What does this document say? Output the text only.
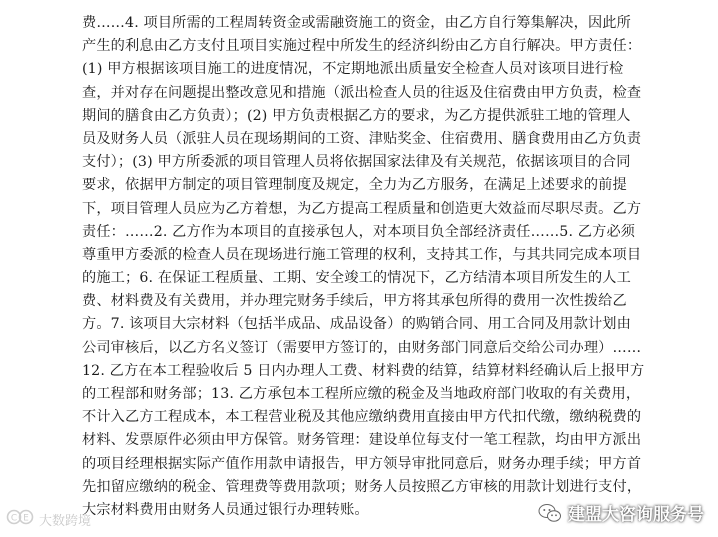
费……4. 项目所需的工程周转资金或需融资施工的资金，由乙方自行筹集解决，因此所
产生的利息由乙方支付且项目实施过程中所发生的经济纠纷由乙方自行解决。甲方责任：
(1) 甲方根据该项目施工的进度情况，不定期地派出质量安全检查人员对该项目进行检
查，并对存在问题提出整改意见和措施（派出检查人员的往返及住宿费由甲方负责，检查
期间的膳食由乙方负责）；(2) 甲方负责根据乙方的要求，为乙方提供派驻工地的管理人
员及财务人员（派驻人员在现场期间的工资、津贴奖金、住宿费用、膳食费用由乙方负责
支付）；(3) 甲方所委派的项目管理人员将依据国家法律及有关规范，依据该项目的合同
要求，依据甲方制定的项目管理制度及规定，全力为乙方服务，在满足上述要求的前提
下，项目管理人员应为乙方着想，为乙方提高工程质量和创造更大效益而尽职尽责。乙方
责任：……2. 乙方作为本项目的直接承包人，对本项目负全部经济责任……5. 乙方必须
尊重甲方委派的检查人员在现场进行施工管理的权利，支持其工作，与其共同完成本项目
的施工；6. 在保证工程质量、工期、安全竣工的情况下，乙方结清本项目所发生的人工
费、材料费及有关费用，并办理完财务手续后，甲方将其承包所得的费用一次性拨给乙
方。7. 该项目大宗材料（包括半成品、成品设备）的购销合同、用工合同及用款计划由
公司审核后，以乙方名义签订（需要甲方签订的，由财务部门同意后交给公司办理）……
12. 乙方在本工程验收后 5 日内办理人工费、材料费的结算，结算材料经确认后上报甲方
的工程部和财务部；13. 乙方承包本工程所应缴的税金及当地政府部门收取的有关费用，
不计入乙方工程成本，本工程营业税及其他应缴纳费用直接由甲方代扣代缴，缴纳税费的
材料、发票原件必须由甲方保管。财务管理：建设单位每支付一笔工程款，均由甲方派出
的项目经理根据实际产值作用款申请报告，甲方领导审批同意后，财务办理手续；甲方首
先扣留应缴纳的税金、管理费等费用款项；财务人员按照乙方审核的用款计划进行支付，
大宗材料费用由财务人员通过银行办理转账。
C E 大数跨境	建盟大咨询服务号
